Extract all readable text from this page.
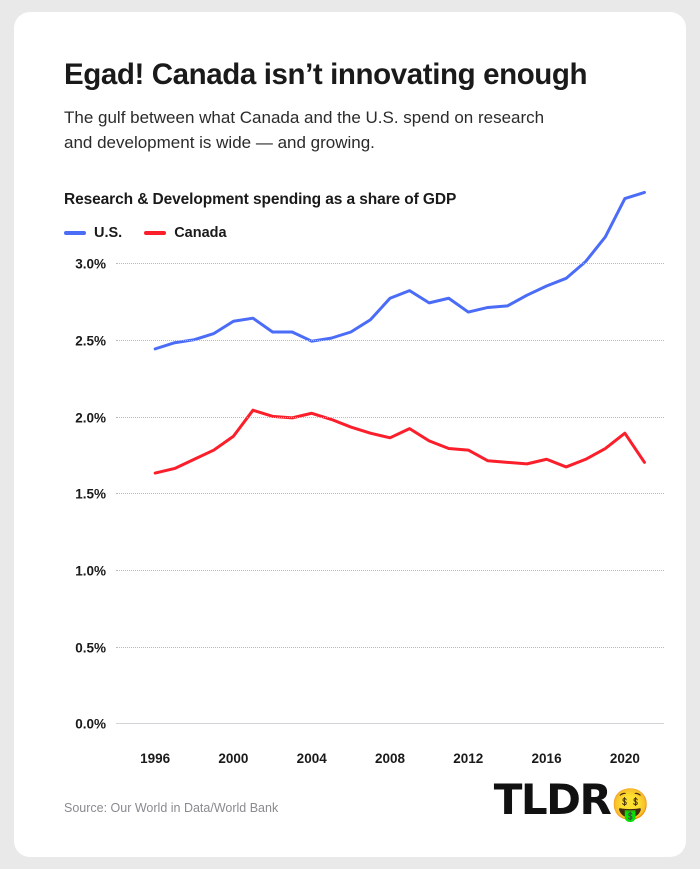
Egad! Canada isn’t innovating enough

The gulf between what Canada and the U.S. spend on research and development is wide — and growing.

Research & Development spending as a share of GDP
U.S.	Canada
0.0%
0.5%
1.0%
1.5%
2.0%
2.5%
3.0%
1996	2000	2004	2008	2012	2016	2020
Source: Our World in Data/World Bank	TLDR 🤑
